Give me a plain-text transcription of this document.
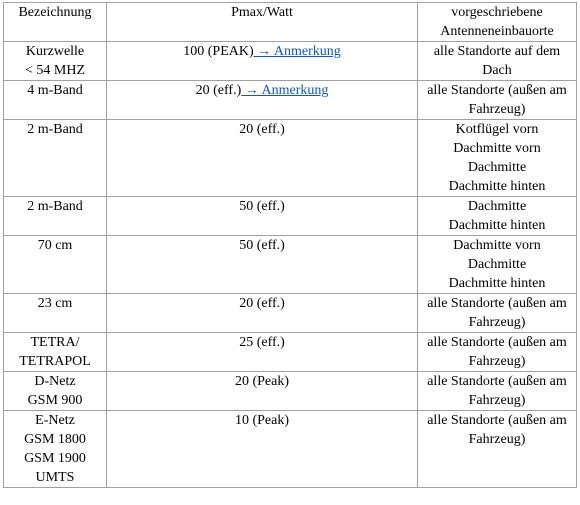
Bezeichnung	Pmax/Watt	vorgeschriebene
Antenneneinbauorte

Kurzwelle
< 54 MHZ	100 (PEAK) → Anmerkung	alle Standorte auf dem
Dach

4 m-Band	20 (eff.) → Anmerkung	alle Standorte (außen am
Fahrzeug)

2 m-Band	20 (eff.)	Kotflügel vorn
Dachmitte vorn
Dachmitte
Dachmitte hinten

2 m-Band	50 (eff.)	Dachmitte
Dachmitte hinten

70 cm	50 (eff.)	Dachmitte vorn
Dachmitte
Dachmitte hinten

23 cm	20 (eff.)	alle Standorte (außen am
Fahrzeug)

TETRA/
TETRAPOL	25 (eff.)	alle Standorte (außen am
Fahrzeug)

D-Netz
GSM 900	20 (Peak)	alle Standorte (außen am
Fahrzeug)

E-Netz
GSM 1800
GSM 1900
UMTS	10 (Peak)	alle Standorte (außen am
Fahrzeug)
